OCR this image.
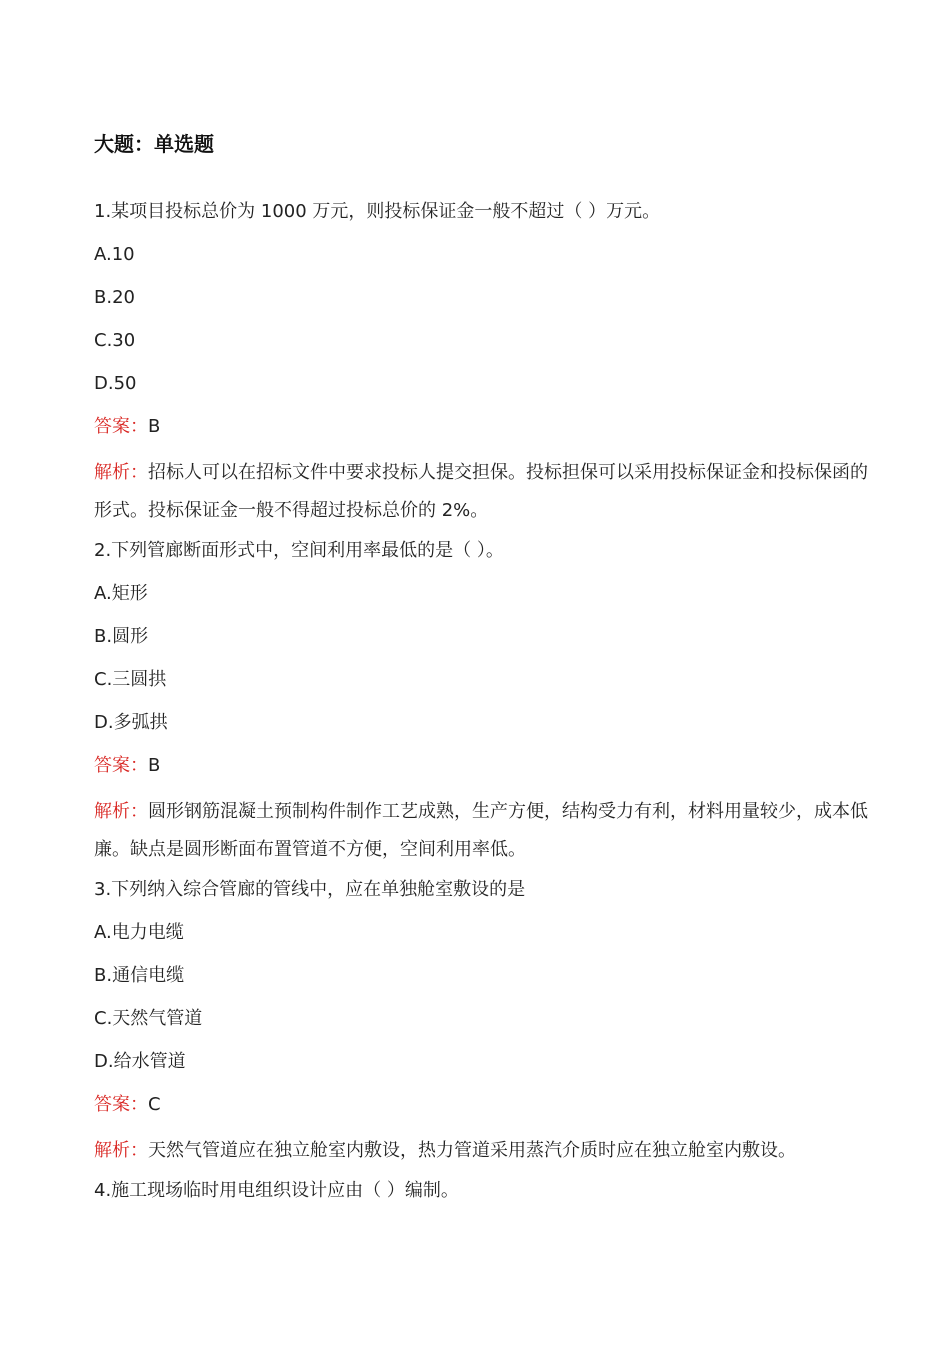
大题：单选题
1.某项目投标总价为 1000 万元，则投标保证金一般不超过（ ）万元。
A.10
B.20
C.30
D.50
答案：B
解析：招标人可以在招标文件中要求投标人提交担保。投标担保可以采用投标保证金和投标保函的形式。投标保证金一般不得超过投标总价的 2%。
2.下列管廊断面形式中，空间利用率最低的是（ ）。
A.矩形
B.圆形
C.三圆拱
D.多弧拱
答案：B
解析：圆形钢筋混凝土预制构件制作工艺成熟，生产方便，结构受力有利，材料用量较少，成本低廉。缺点是圆形断面布置管道不方便，空间利用率低。
3.下列纳入综合管廊的管线中，应在单独舱室敷设的是
A.电力电缆
B.通信电缆
C.天然气管道
D.给水管道
答案：C
解析：天然气管道应在独立舱室内敷设，热力管道采用蒸汽介质时应在独立舱室内敷设。
4.施工现场临时用电组织设计应由（ ）编制。
